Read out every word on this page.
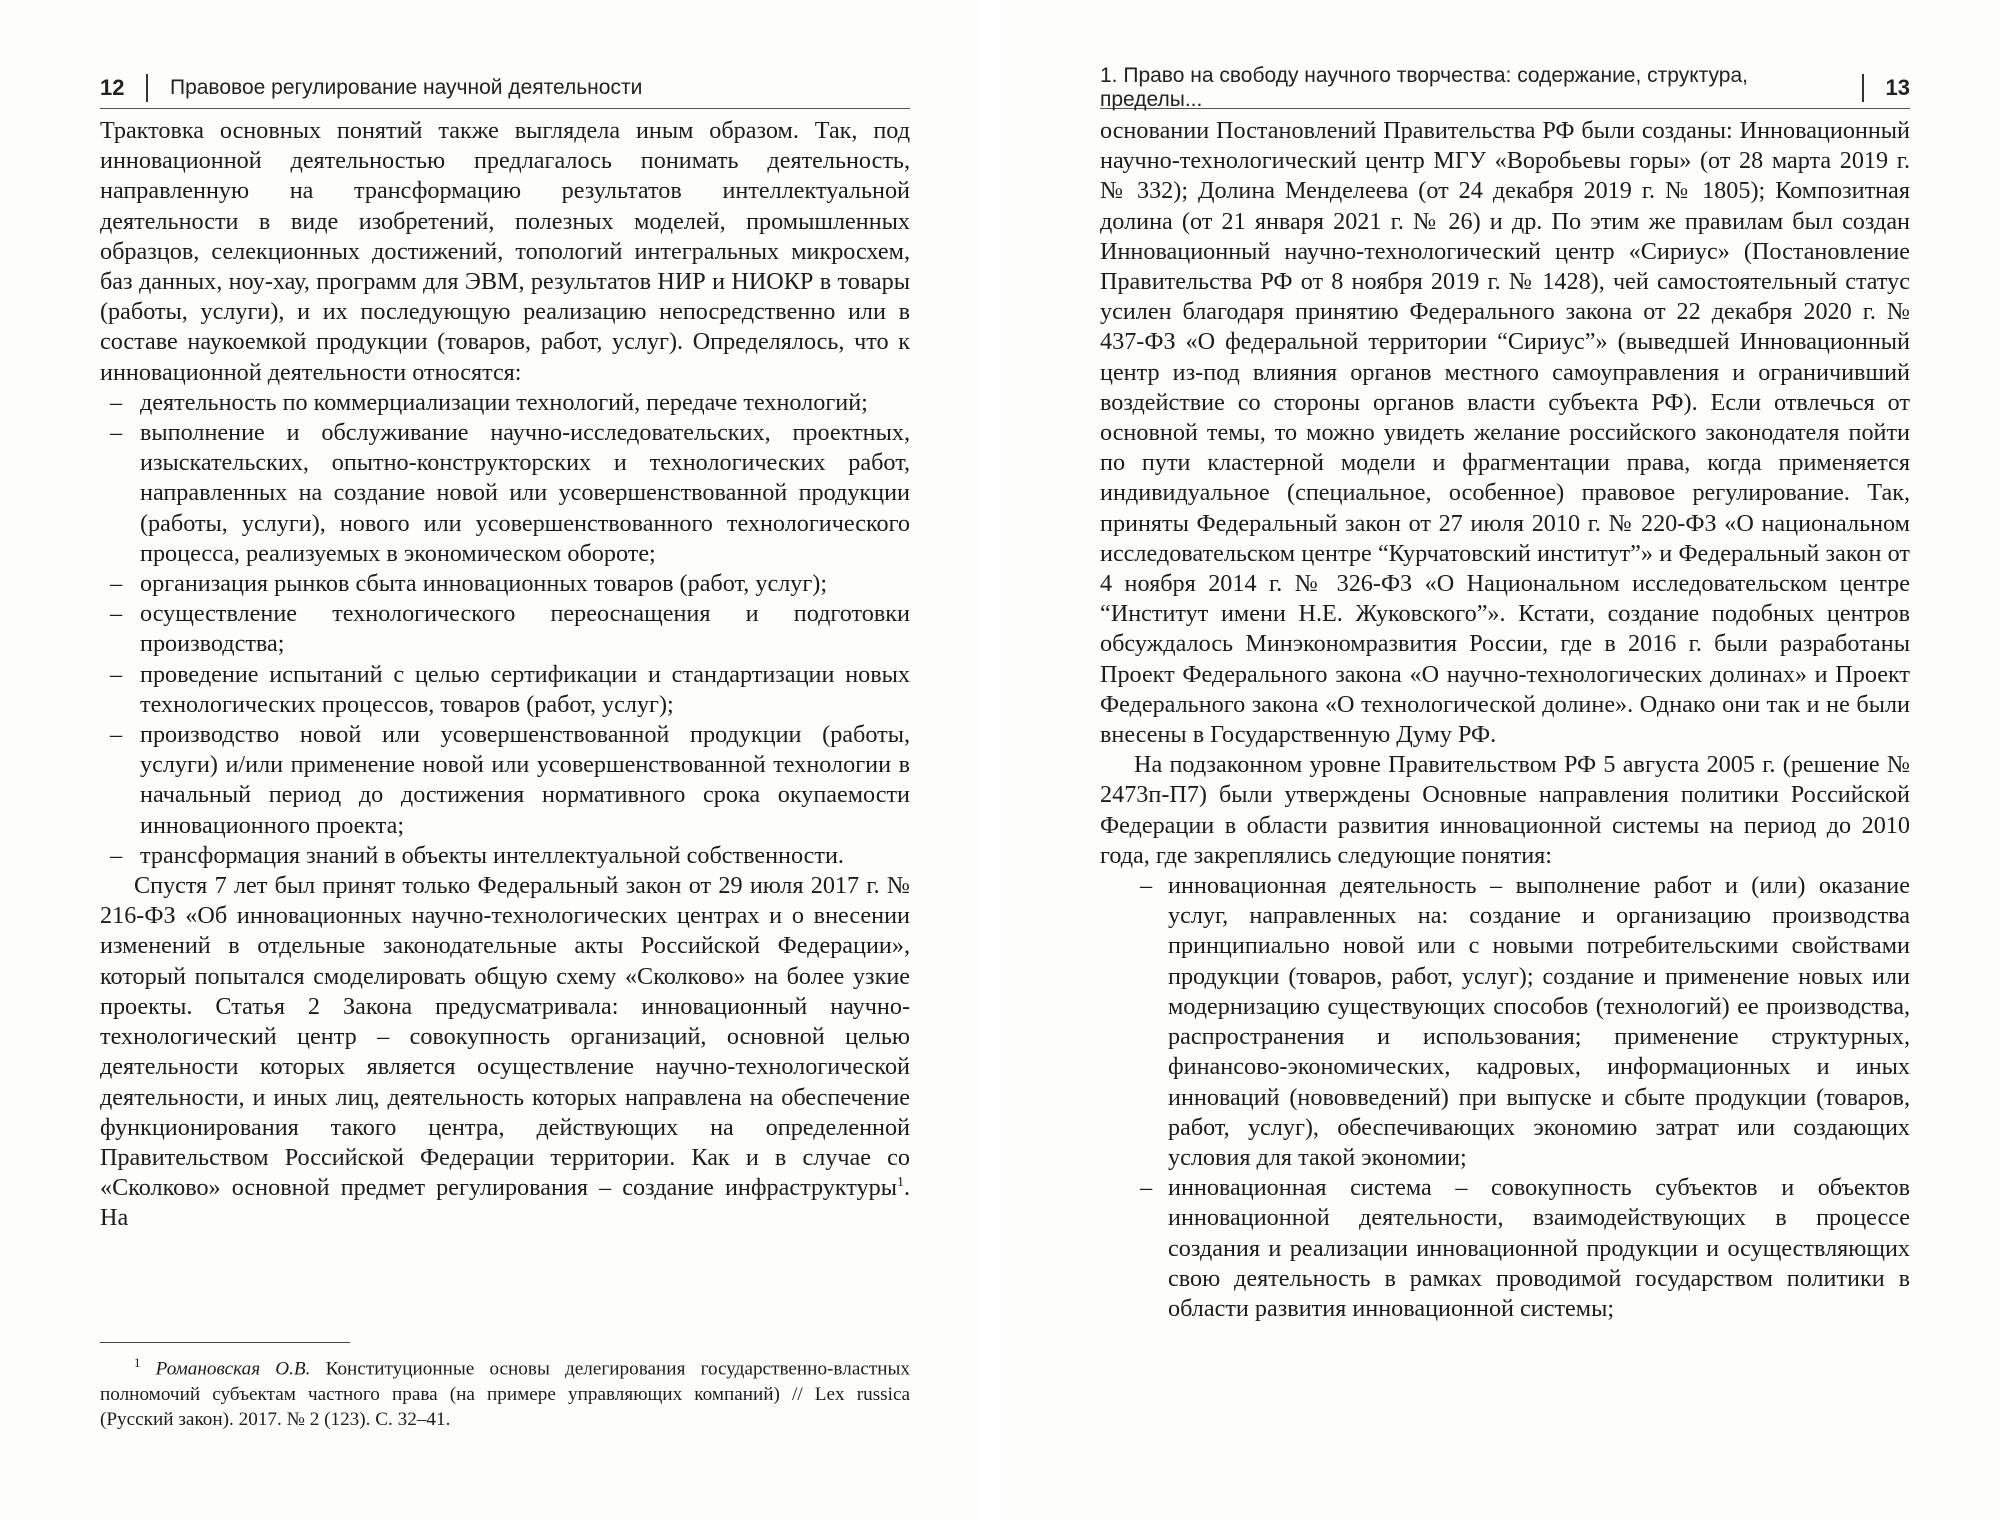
12 Правовое регулирование научной деятельности

Трактовка основных понятий также выглядела иным образом. Так, под инновационной деятельностью предлагалось понимать деятельность, направленную на трансформацию результатов интеллектуальной деятельности в виде изобретений, полезных моделей, промышленных образцов, селекционных достижений, топологий интегральных микросхем, баз данных, ноу-хау, программ для ЭВМ, результатов НИР и НИОКР в товары (работы, услуги), и их последующую реализацию непосредственно или в составе наукоемкой продукции (товаров, работ, услуг). Определялось, что к инновационной деятельности относятся:

– деятельность по коммерциализации технологий, передаче технологий;
– выполнение и обслуживание научно-исследовательских, проектных, изыскательских, опытно-конструкторских и технологических работ, направленных на создание новой или усовершенствованной продукции (работы, услуги), нового или усовершенствованного технологического процесса, реализуемых в экономическом обороте;
– организация рынков сбыта инновационных товаров (работ, услуг);
– осуществление технологического переоснащения и подготовки производства;
– проведение испытаний с целью сертификации и стандартизации новых технологических процессов, товаров (работ, услуг);
– производство новой или усовершенствованной продукции (работы, услуги) и/или применение новой или усовершенствованной технологии в начальный период до достижения нормативного срока окупаемости инновационного проекта;
– трансформация знаний в объекты интеллектуальной собственности.

Спустя 7 лет был принят только Федеральный закон от 29 июля 2017 г. № 216-ФЗ «Об инновационных научно-технологических центрах и о внесении изменений в отдельные законодательные акты Российской Федерации», который попытался смоделировать общую схему «Сколково» на более узкие проекты. Статья 2 Закона предусматривала: инновационный научно-технологический центр – совокупность организаций, основной целью деятельности которых является осуществление научно-технологической деятельности, и иных лиц, деятельность которых направлена на обеспечение функционирования такого центра, действующих на определенной Правительством Российской Федерации территории. Как и в случае со «Сколково» основной предмет регулирования – создание инфраструктуры$^1$. На

$^1$ Романовская О.В. Конституционные основы делегирования государственно-властных полномочий субъектам частного права (на примере управляющих компаний) // Lex russica (Русский закон). 2017. № 2 (123). С. 32–41.
1. Право на свободу научного творчества: содержание, структура, пределы...	13

основании Постановлений Правительства РФ были созданы: Инновационный научно-технологический центр МГУ «Воробьевы горы» (от 28 марта 2019 г. № 332); Долина Менделеева (от 24 декабря 2019 г. № 1805); Композитная долина (от 21 января 2021 г. № 26) и др. По этим же правилам был создан Инновационный научно-технологический центр «Сириус» (Постановление Правительства РФ от 8 ноября 2019 г. № 1428), чей самостоятельный статус усилен благодаря принятию Федерального закона от 22 декабря 2020 г. № 437-ФЗ «О федеральной территории “Сириус”» (выведшей Инновационный центр из-под влияния органов местного самоуправления и ограничивший воздействие со стороны органов власти субъекта РФ). Если отвлечься от основной темы, то можно увидеть желание российского законодателя пойти по пути кластерной модели и фрагментации права, когда применяется индивидуальное (специальное, особенное) правовое регулирование. Так, приняты Федеральный закон от 27 июля 2010 г. № 220-ФЗ «О национальном исследовательском центре “Курчатовский институт”» и Федеральный закон от 4 ноября 2014 г. № 326-ФЗ «О Национальном исследовательском центре “Институт имени Н.Е. Жуковского”». Кстати, создание подобных центров обсуждалось Минэкономразвития России, где в 2016 г. были разработаны Проект Федерального закона «О научно-технологических долинах» и Проект Федерального закона «О технологической долине». Однако они так и не были внесены в Государственную Думу РФ.

На подзаконном уровне Правительством РФ 5 августа 2005 г. (решение № 2473п-П7) были утверждены Основные направления политики Российской Федерации в области развития инновационной системы на период до 2010 года, где закреплялись следующие понятия:

– инновационная деятельность – выполнение работ и (или) оказание услуг, направленных на: создание и организацию производства принципиально новой или с новыми потребительскими свойствами продукции (товаров, работ, услуг); создание и применение новых или модернизацию существующих способов (технологий) ее производства, распространения и использования; применение структурных, финансово-экономических, кадровых, информационных и иных инноваций (нововведений) при выпуске и сбыте продукции (товаров, работ, услуг), обеспечивающих экономию затрат или создающих условия для такой экономии;
– инновационная система – совокупность субъектов и объектов инновационной деятельности, взаимодействующих в процессе создания и реализации инновационной продукции и осуществляющих свою деятельность в рамках проводимой государством политики в области развития инновационной системы;
